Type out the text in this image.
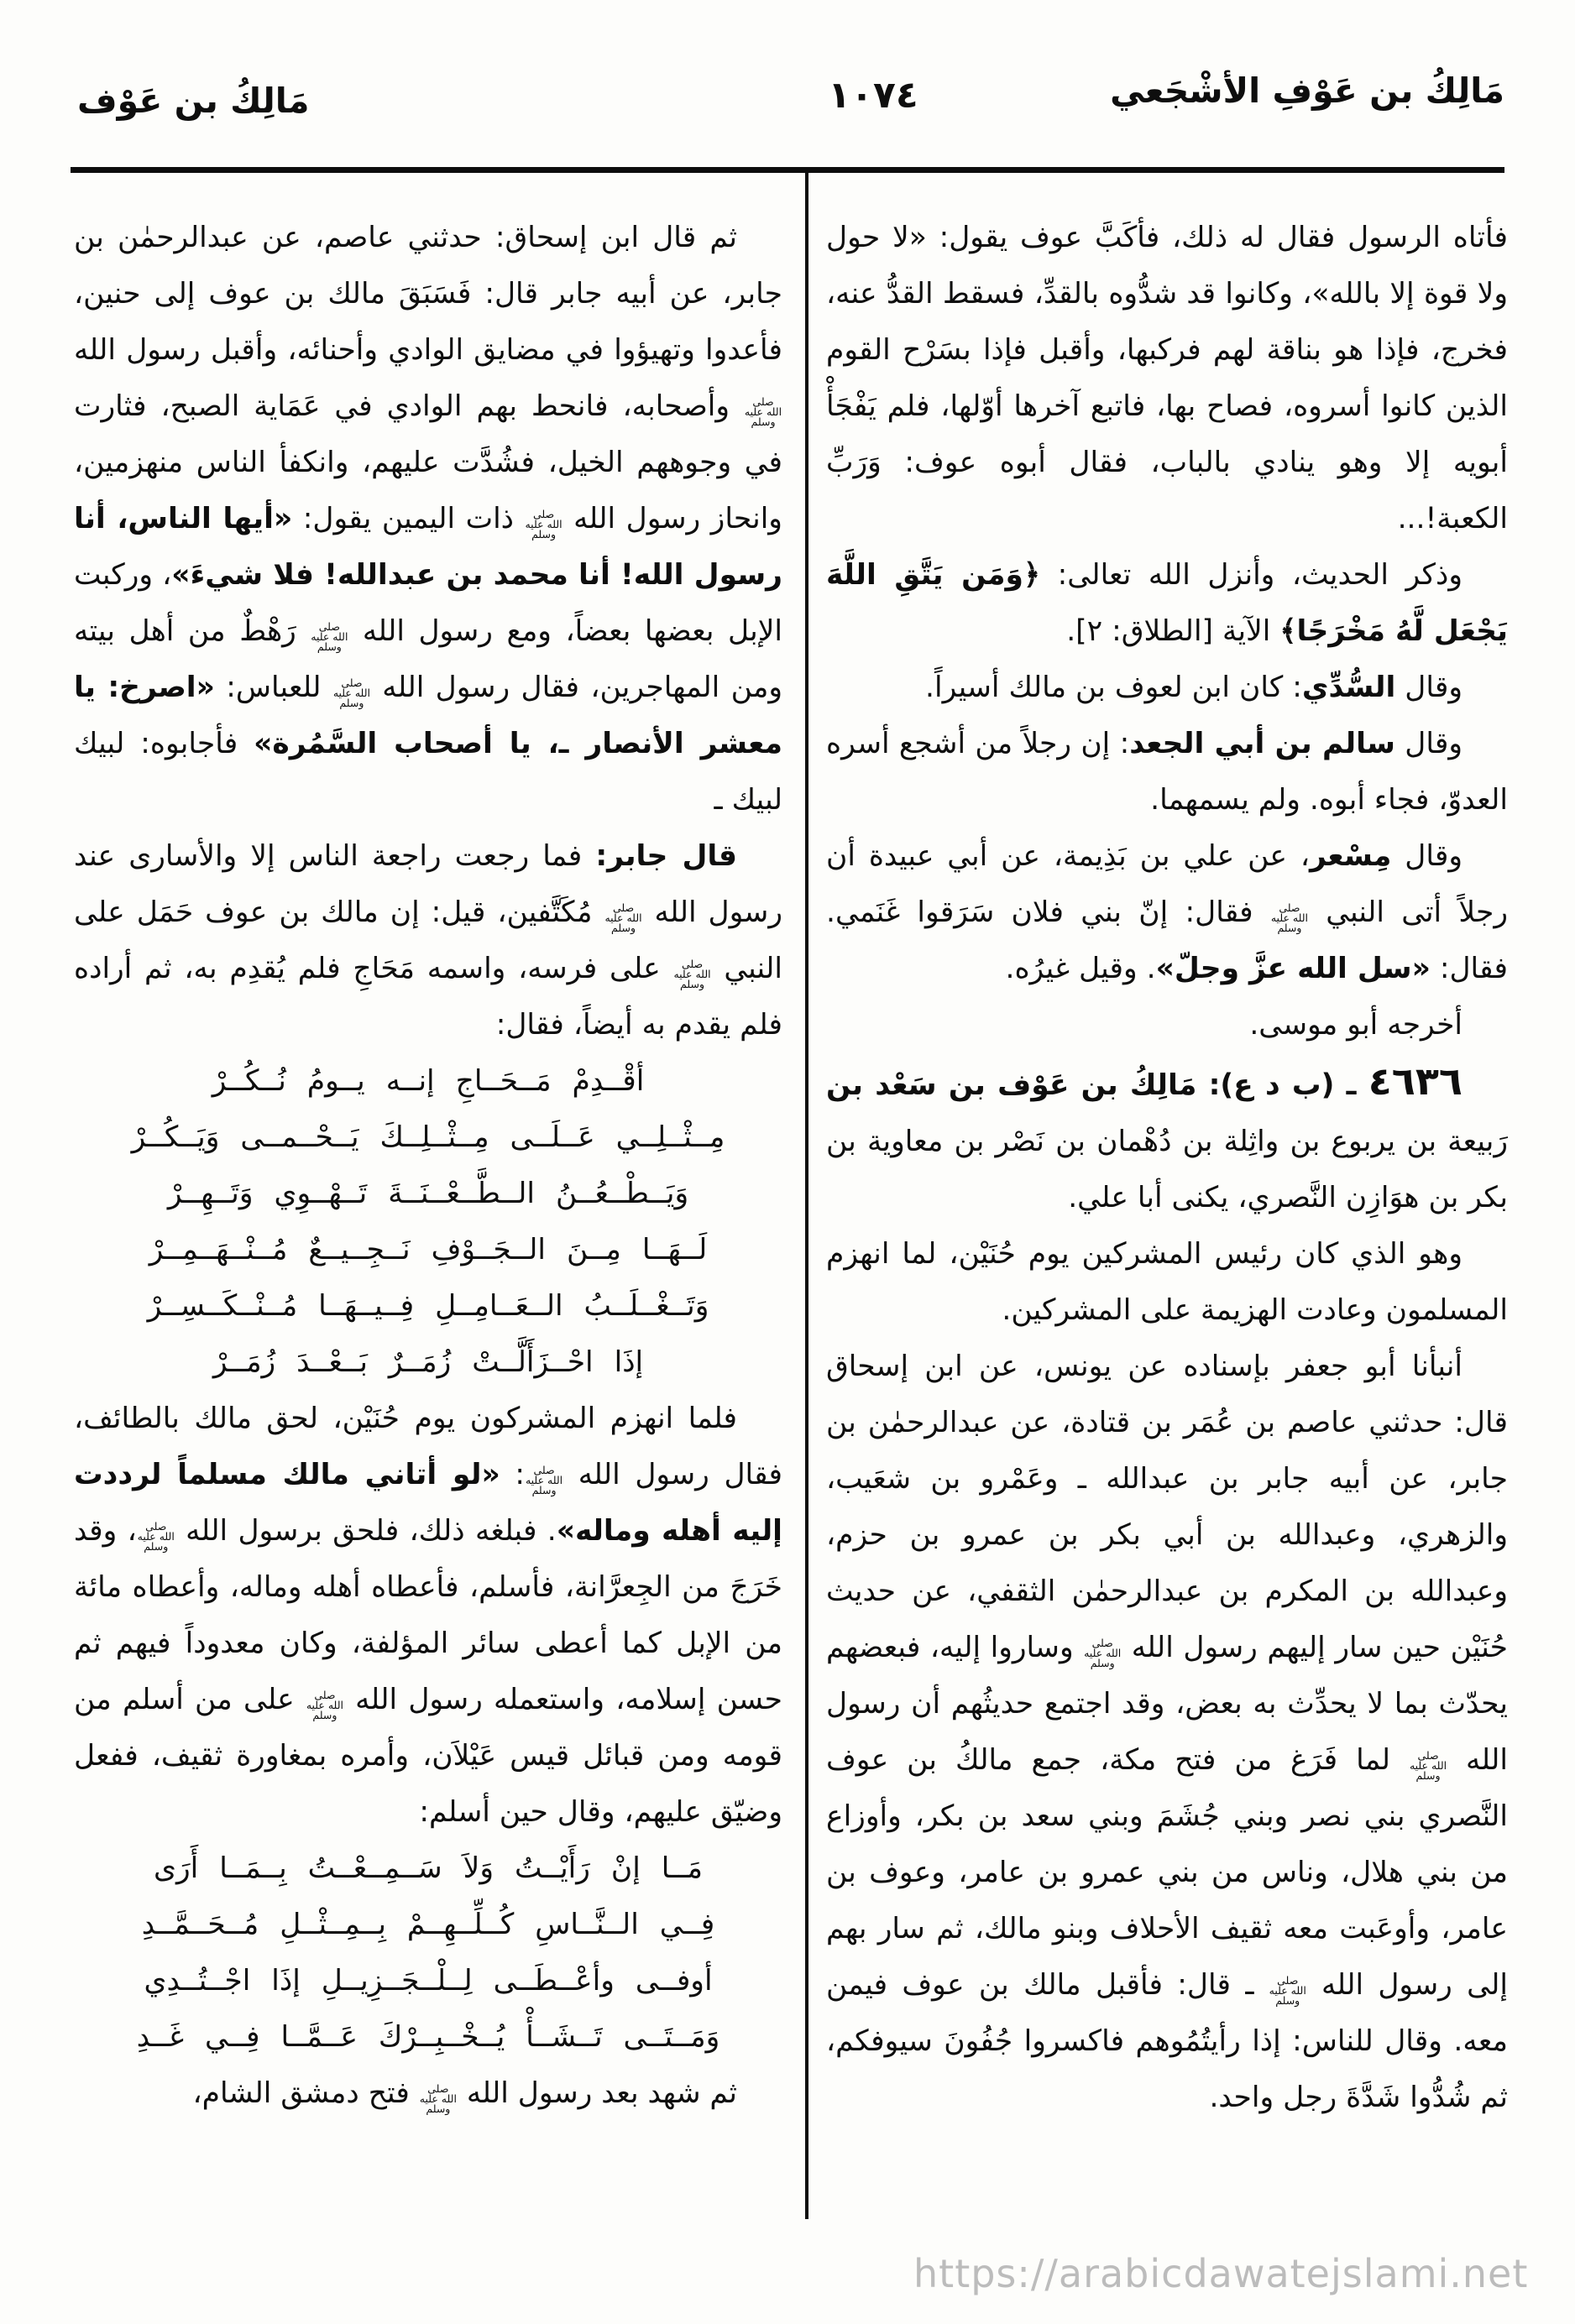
مَالِكُ بن عَوْفِ الأشْجَعي
١٠٧٤
مَالِكُ بن عَوْف

فأتاه الرسول فقال له ذلك، فأكَبَّ عوف يقول: «لا حول ولا قوة إلا بالله»، وكانوا قد شدُّوه بالقدِّ، فسقط القدُّ عنه، فخرج، فإذا هو بناقة لهم فركبها، وأقبل فإذا بسَرْح القوم الذين كانوا أسروه، فصاح بها، فاتبع آخرها أوّلها، فلم يَفْجَأْ أبويه إلا وهو ينادي بالباب، فقال أبوه عوف: وَرَبِّ الكعبة!...

وذكر الحديث، وأنزل الله تعالى: ﴿وَمَن يَتَّقِ اللَّهَ يَجْعَل لَّهُ مَخْرَجًا﴾ الآية [الطلاق: ٢].

وقال السُّدِّي: كان ابن لعوف بن مالك أسيراً.

وقال سالم بن أبي الجعد: إن رجلاً من أشجع أسره العدوّ، فجاء أبوه. ولم يسمهما.

وقال مِسْعر، عن علي بن بَذِيمة، عن أبي عبيدة أن رجلاً أتى النبي صلى الله عليه وسلم فقال: إنّ بني فلان سَرَقوا غَنَمي. فقال: «سل الله عزَّ وجلّ». وقيل غيرُه.

أخرجه أبو موسى.

٤٦٣٦ ـ (ب د ع): مَالِكُ بن عَوْف بن سَعْد بن رَبيعة بن يربوع بن واثِلة بن دُهْمان بن نَصْر بن معاوية بن بكر بن هوَازِن النَّصري، يكنى أبا علي.

وهو الذي كان رئيس المشركين يوم حُنَيْن، لما انهزم المسلمون وعادت الهزيمة على المشركين.

أنبأنا أبو جعفر بإسناده عن يونس، عن ابن إسحاق قال: حدثني عاصم بن عُمَر بن قتادة، عن عبدالرحمٰن بن جابر، عن أبيه جابر بن عبدالله ـ وعَمْرو بن شعَيب، والزهري، وعبدالله بن أبي بكر بن عمرو بن حزم، وعبدالله بن المكرم بن عبدالرحمٰن الثقفي، عن حديث حُنَيْن حين سار إليهم رسول الله صلى الله عليه وسلم وساروا إليه، فبعضهم يحدّث بما لا يحدِّث به بعض، وقد اجتمع حديثُهم أن رسول الله صلى الله عليه وسلم لما فَرَغ من فتح مكة، جمع مالكُ بن عوف النَّصري بني نصر وبني جُشَمَ وبني سعد بن بكر، وأوزاع من بني هلال، وناس من بني عمرو بن عامر، وعوف بن عامر، وأوعَبت معه ثقيف الأحلاف وبنو مالك، ثم سار بهم إلى رسول الله صلى الله عليه وسلم ـ قال: فأقبل مالك بن عوف فيمن معه. وقال للناس: إذا رأيتُمُوهم فاكسروا جُفُونَ سيوفكم، ثم شُدُّوا شَدَّةَ رجل واحد.

ثم قال ابن إسحاق: حدثني عاصم، عن عبدالرحمٰن بن جابر، عن أبيه جابر قال: فَسَبَقَ مالك بن عوف إلى حنين، فأعدوا وتهيؤوا في مضايق الوادي وأحنائه، وأقبل رسول الله صلى الله عليه وسلم وأصحابه، فانحط بهم الوادي في عَمَاية الصبح، فثارت في وجوههم الخيل، فشُدَّت عليهم، وانكفأ الناس منهزمين، وانحاز رسول الله صلى الله عليه وسلم ذات اليمين يقول: «أيها الناس، أنا رسول الله! أنا محمد بن عبدالله! فلا شيءَ»، وركبت الإبل بعضها بعضاً، ومع رسول الله صلى الله عليه وسلم رَهْطٌ من أهل بيته ومن المهاجرين، فقال رسول الله صلى الله عليه وسلم للعباس: «اصرخ: يا معشر الأنصار ـ، يا أصحاب السَّمُرة» فأجابوه: لبيك لبيك ـ

قال جابر: فما رجعت راجعة الناس إلا والأسارى عند رسول الله صلى الله عليه وسلم مُكَتَّفين، قيل: إن مالك بن عوف حَمَل على النبي صلى الله عليه وسلم على فرسه، واسمه مَحَاجِ فلم يُقدِم به، ثم أراده فلم يقدم به أيضاً، فقال:

أقْــدِمْ مَــحَــاجِ إنــه يــومُ نُــكُــرْ
مِــثْــلِــي عَــلَــى مِــثْــلِــكَ يَــحْــمــى وَيَــكُــرْ
وَيَــطْــعُــنُ الــطَّــعْــنَــةَ تَــهْــوِي وَتَــهِــرْ
لَــهَــا مِــنَ الــجَــوْفِ نَــجِــيــعٌ مُــنْــهَــمِــرْ
وَتَــغْــلَــبُ الــعَــامِــلِ فِــيــهَــا مُــنْــكَــسِــرْ
إذَا احْــزَأَلَّــتْ زُمَــرٌ بَــعْــدَ زُمَــرْ

فلما انهزم المشركون يوم حُنَيْن، لحق مالك بالطائف، فقال رسول الله صلى الله عليه وسلم: «لو أتاني مالك مسلماً لرددت إليه أهله وماله». فبلغه ذلك، فلحق برسول الله صلى الله عليه وسلم، وقد خَرَجَ من الجِعرَّانة، فأسلم، فأعطاه أهله وماله، وأعطاه مائة من الإبل كما أعطى سائر المؤلفة، وكان معدوداً فيهم ثم حسن إسلامه، واستعمله رسول الله صلى الله عليه وسلم على من أسلم من قومه ومن قبائل قيس عَيْلاَن، وأمره بمغاورة ثقيف، ففعل وضيّق عليهم، وقال حين أسلم:

مَــا إنْ رَأَيْــتُ وَلاَ سَــمِــعْــتُ بِــمَــا أَرَى
فِــي الــنَّــاسِ كُــلِّــهِــمْ بِــمِــثْــلِ مُــحَــمَّــدِ
أوفــى وأعْــطَــى لِــلْــجَــزِيــلِ إذَا اجْــتُــدِي
وَمَــتَــى تَــشَــأْ يُــخْــبِــرْكَ عَــمَّــا فِــي غَــدِ

ثم شهد بعد رسول الله صلى الله عليه وسلم فتح دمشق الشام،

https://arabicdawatejslami.net
